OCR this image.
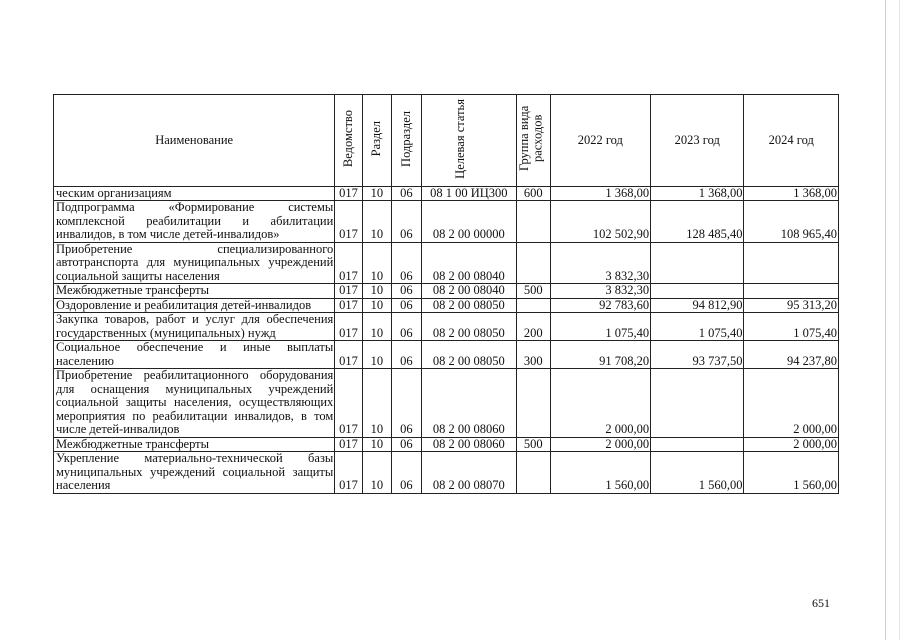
Наименование	Ведомство	Раздел	Подраздел	Целевая статья	Группа вида расходов	2022 год	2023 год	2024 год

ческим организациям	017	10	06	08 1 00 ИЦ300	600	1 368,00	1 368,00	1 368,00

Подпрограмма «Формирование системы комплексной реабилитации и абилитации инвалидов, в том числе детей-инвалидов»	017	10	06	08 2 00 00000		102 502,90	128 485,40	108 965,40

Приобретение специализированного автотранспорта для муниципальных учреждений социальной защиты населения	017	10	06	08 2 00 08040		3 832,30		

Межбюджетные трансферты	017	10	06	08 2 00 08040	500	3 832,30		

Оздоровление и реабилитация детей-инвалидов	017	10	06	08 2 00 08050		92 783,60	94 812,90	95 313,20

Закупка товаров, работ и услуг для обеспечения государственных (муниципальных) нужд	017	10	06	08 2 00 08050	200	1 075,40	1 075,40	1 075,40

Социальное обеспечение и иные выплаты населению	017	10	06	08 2 00 08050	300	91 708,20	93 737,50	94 237,80

Приобретение реабилитационного оборудования для оснащения муниципальных учреждений социальной защиты населения, осуществляющих мероприятия по реабилитации инвалидов, в том числе детей-инвалидов	017	10	06	08 2 00 08060		2 000,00		2 000,00

Межбюджетные трансферты	017	10	06	08 2 00 08060	500	2 000,00		2 000,00

Укрепление материально-технической базы муниципальных учреждений социальной защиты населения	017	10	06	08 2 00 08070		1 560,00	1 560,00	1 560,00
651
